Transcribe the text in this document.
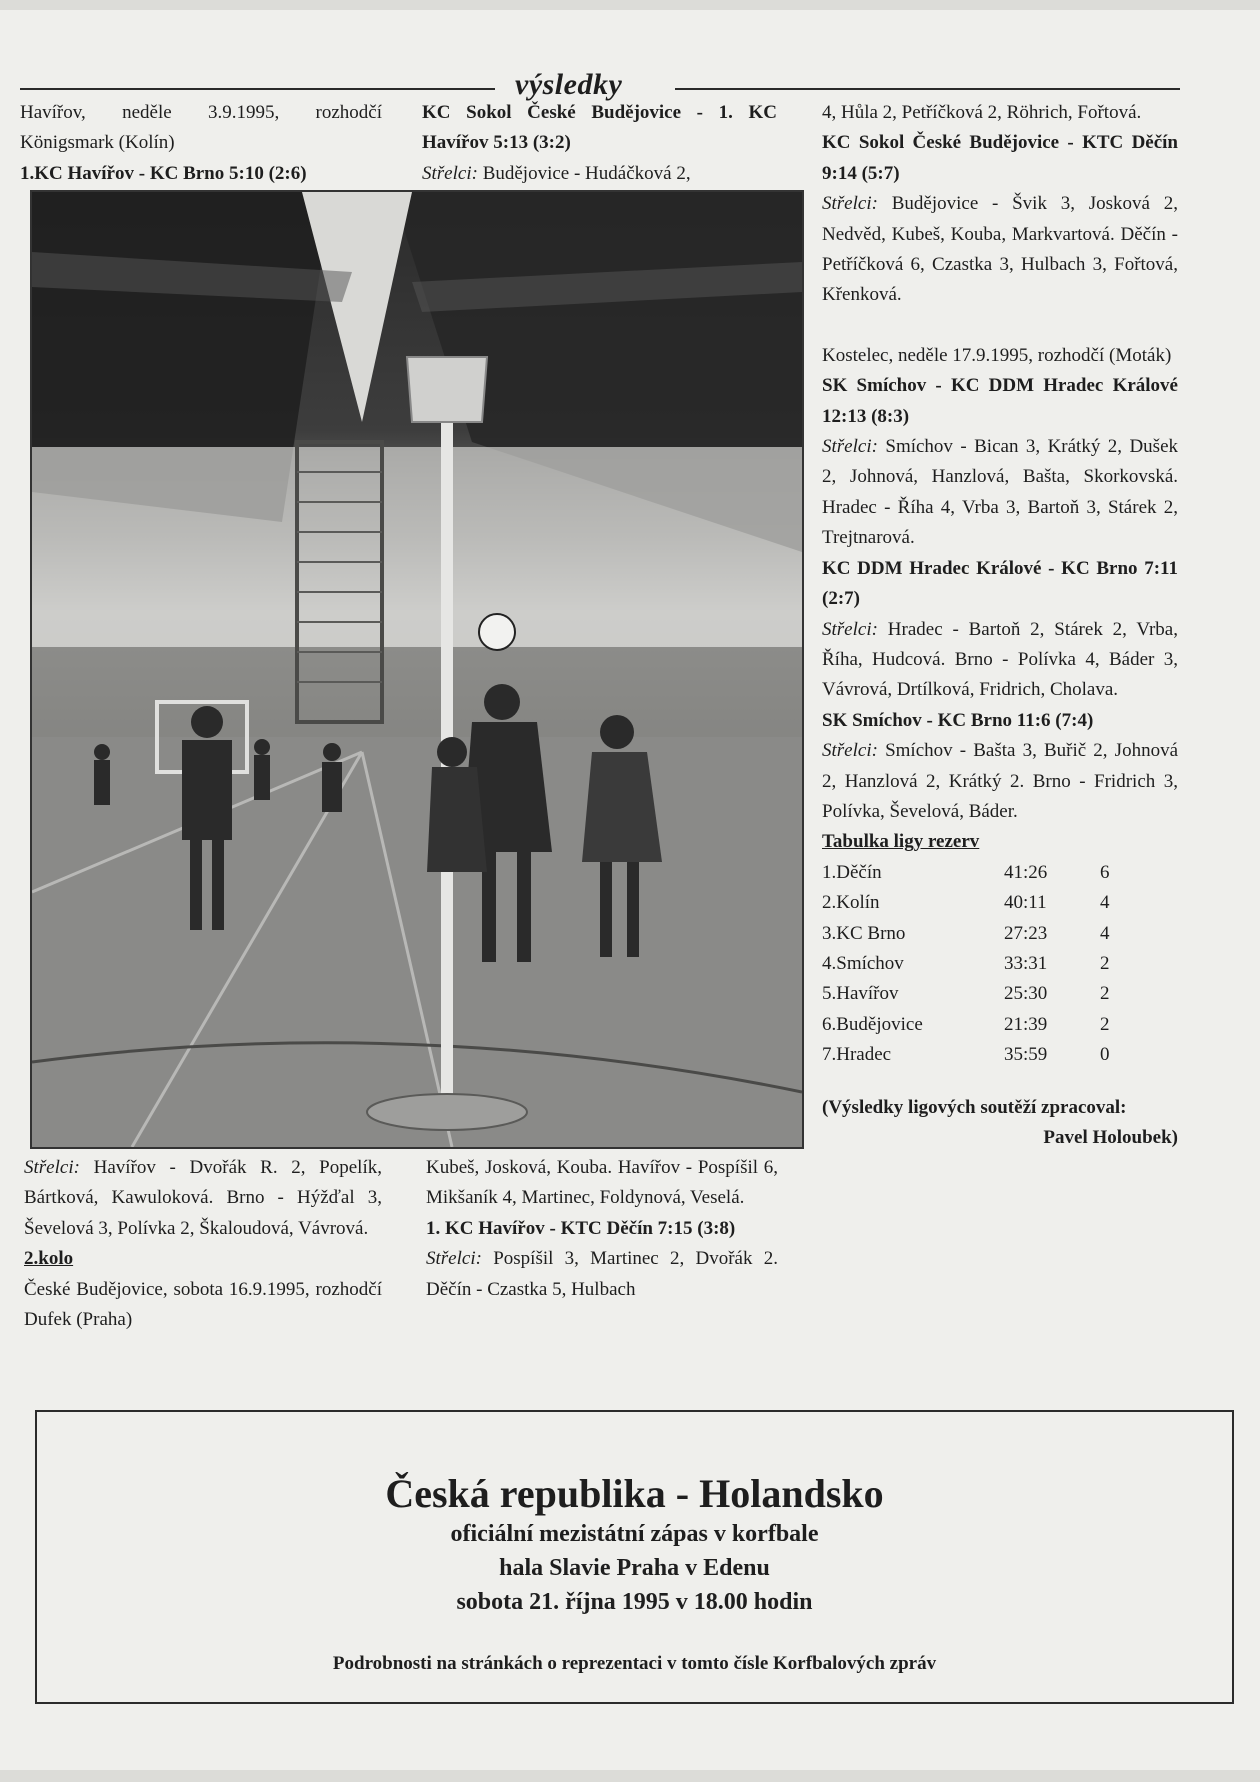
výsledky

Havířov, neděle 3.9.1995, rozhodčí Königsmark (Kolín)

1.KC Havířov - KC Brno 5:10 (2:6)

KC Sokol České Budějovice - 1. KC Havířov 5:13 (3:2)

Střelci: Budějovice - Hudáčková 2,

4, Hůla 2, Petříčková 2, Röhrich, Fořtová.

KC Sokol České Budějovice - KTC Děčín 9:14 (5:7)

Střelci: Budějovice - Švik 3, Josková 2, Nedvěd, Kubeš, Kouba, Markvartová. Děčín - Petříčková 6, Czastka 3, Hulbach 3, Fořtová, Křenková.

Kostelec, neděle 17.9.1995, rozhodčí (Moták)

SK Smíchov - KC DDM Hradec Králové 12:13 (8:3)

Střelci: Smíchov - Bican 3, Krátký 2, Dušek 2, Johnová, Hanzlová, Bašta, Skorkovská. Hradec - Říha 4, Vrba 3, Bartoň 3, Stárek 2, Trejtnarová.

KC DDM Hradec Králové - KC Brno 7:11 (2:7)

Střelci: Hradec - Bartoň 2, Stárek 2, Vrba, Říha, Hudcová. Brno - Polívka 4, Báder 3, Vávrová, Drtílková, Fridrich, Cholava.

SK Smíchov - KC Brno 11:6 (7:4)

Střelci: Smíchov - Bašta 3, Buřič 2, Johnová 2, Hanzlová 2, Krátký 2. Brno - Fridrich 3, Polívka, Ševelová, Báder.

Tabulka ligy rezerv

1.Děčín	41:26	6
2.Kolín	40:11	4
3.KC Brno	27:23	4
4.Smíchov	33:31	2
5.Havířov	25:30	2
6.Budějovice	21:39	2
7.Hradec	35:59	0

(Výsledky ligových soutěží zpracoval:

Pavel Holoubek)

Střelci: Havířov - Dvořák R. 2, Popelík, Bártková, Kawuloková. Brno - Hýžďal 3, Ševelová 3, Polívka 2, Škaloudová, Vávrová.

2.kolo

České Budějovice, sobota 16.9.1995, rozhodčí Dufek (Praha)

Kubeš, Josková, Kouba. Havířov - Pospíšil 6, Mikšaník 4, Martinec, Foldynová, Veselá.

1. KC Havířov - KTC Děčín 7:15 (3:8)

Střelci: Pospíšil 3, Martinec 2, Dvořák 2. Děčín - Czastka 5, Hulbach

Česká republika - Holandsko
oficiální mezistátní zápas v korfbale
hala Slavie Praha v Edenu
sobota 21. října 1995 v 18.00 hodin
Podrobnosti na stránkách o reprezentaci v tomto čísle Korfbalových zpráv
